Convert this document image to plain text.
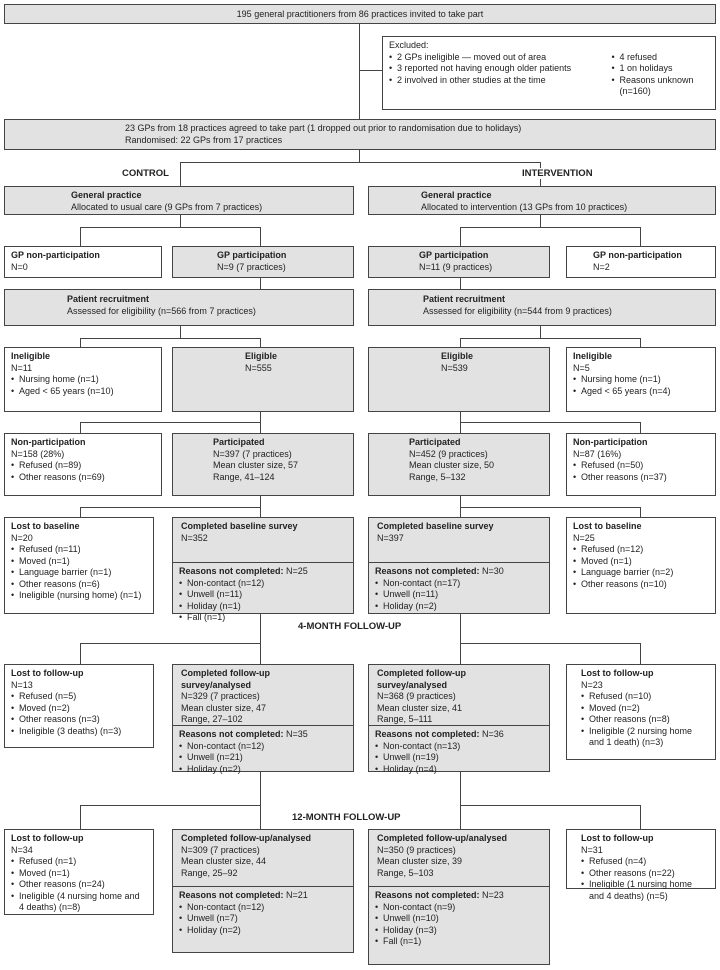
195 general practitioners from 86 practices invited to take part
Excluded:
• 2 GPs ineligible — moved out of area
• 3 reported not having enough older patients
• 2 involved in other studies at the time
• 4 refused
• 1 on holidays
• Reasons unknown (n=160)
23 GPs from 18 practices agreed to take part (1 dropped out prior to randomisation due to holidays)
Randomised: 22 GPs from 17 practices
CONTROL	INTERVENTION
General practice
Allocated to usual care (9 GPs from 7 practices)
General practice
Allocated to intervention (13 GPs from 10 practices)
GP non-participation
N=0
GP participation
N=9 (7 practices)
GP participation
N=11 (9 practices)
GP non-participation
N=2
Patient recruitment
Assessed for eligibility (n=566 from 7 practices)
Patient recruitment
Assessed for eligibility (n=544 from 9 practices)
Ineligible
N=11
• Nursing home (n=1)
• Aged < 65 years (n=10)
Eligible
N=555
Eligible
N=539
Ineligible
N=5
• Nursing home (n=1)
• Aged < 65 years (n=4)
Non-participation
N=158 (28%)
• Refused (n=89)
• Other reasons (n=69)
Participated
N=397 (7 practices)
Mean cluster size, 57
Range, 41–124
Participated
N=452 (9 practices)
Mean cluster size, 50
Range, 5–132
Non-participation
N=87 (16%)
• Refused (n=50)
• Other reasons (n=37)
Lost to baseline
N=20
• Refused (n=11)
• Moved (n=1)
• Language barrier (n=1)
• Other reasons (n=6)
• Ineligible (nursing home) (n=1)
Completed baseline survey
N=352
Reasons not completed: N=25
• Non-contact (n=12)
• Unwell (n=11)
• Holiday (n=1)
• Fall (n=1)
Completed baseline survey
N=397
Reasons not completed: N=30
• Non-contact (n=17)
• Unwell (n=11)
• Holiday (n=2)
Lost to baseline
N=25
• Refused (n=12)
• Moved (n=1)
• Language barrier (n=2)
• Other reasons (n=10)
4-MONTH FOLLOW-UP
Lost to follow-up
N=13
• Refused (n=5)
• Moved (n=2)
• Other reasons (n=3)
• Ineligible (3 deaths) (n=3)
Completed follow-up survey/analysed
N=329 (7 practices)
Mean cluster size, 47
Range, 27–102
Reasons not completed: N=35
• Non-contact (n=12)
• Unwell (n=21)
• Holiday (n=2)
Completed follow-up survey/analysed
N=368 (9 practices)
Mean cluster size, 41
Range, 5–111
Reasons not completed: N=36
• Non-contact (n=13)
• Unwell (n=19)
• Holiday (n=4)
Lost to follow-up
N=23
• Refused (n=10)
• Moved (n=2)
• Other reasons (n=8)
• Ineligible (2 nursing home and 1 death) (n=3)
12-MONTH FOLLOW-UP
Lost to follow-up
N=34
• Refused (n=1)
• Moved (n=1)
• Other reasons (n=24)
• Ineligible (4 nursing home and 4 deaths) (n=8)
Completed follow-up/analysed
N=309 (7 practices)
Mean cluster size, 44
Range, 25–92
Reasons not completed: N=21
• Non-contact (n=12)
• Unwell (n=7)
• Holiday (n=2)
Completed follow-up/analysed
N=350 (9 practices)
Mean cluster size, 39
Range, 5–103
Reasons not completed: N=23
• Non-contact (n=9)
• Unwell (n=10)
• Holiday (n=3)
• Fall (n=1)
Lost to follow-up
N=31
• Refused (n=4)
• Other reasons (n=22)
• Ineligible (1 nursing home and 4 deaths) (n=5)
